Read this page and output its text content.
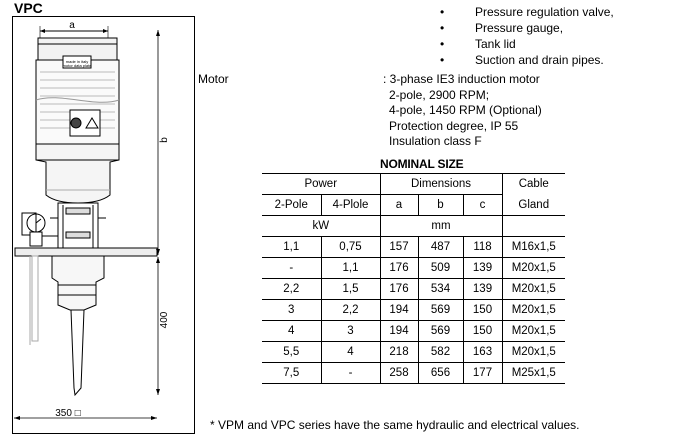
VPC
a
made in italy
motor data plate
b
400
350 □
• Pressure regulation valve,
• Pressure gauge,
• Tank lid
• Suction and drain pipes.
Motor	: 3-phase IE3 induction motor
2-pole, 2900 RPM;
4-pole, 1450 RPM (Optional)
Protection degree, IP 55
Insulation class F
NOMINAL SIZE
Power		Dimensions			Cable
2-Pole	4-Plole	a	b	c	Gland
kW		mm			
1,1	0,75	157	487	118	M16x1,5
-	1,1	176	509	139	M20x1,5
2,2	1,5	176	534	139	M20x1,5
3	2,2	194	569	150	M20x1,5
4	3	194	569	150	M20x1,5
5,5	4	218	582	163	M20x1,5
7,5	-	258	656	177	M25x1,5
* VPM and VPC series have the same hydraulic and electrical values.
